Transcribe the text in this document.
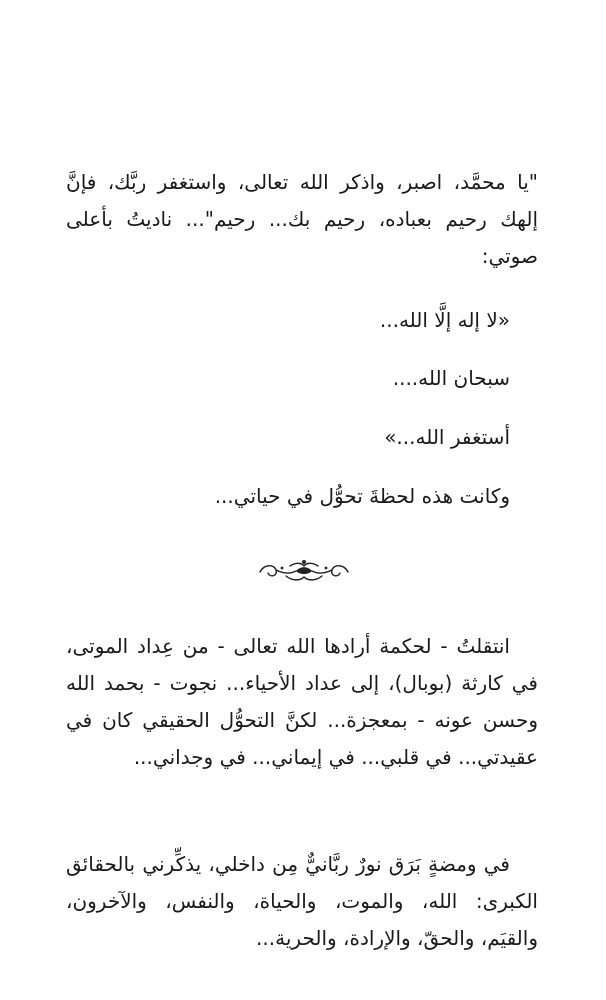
"يا محمَّد، اصبر، واذكر الله تعالى، واستغفر ربَّك، فإنَّ إلهك رحيم بعباده، رحيم بك... رحيم"... ناديتُ بأعلى صوتي:

«لا إله إلَّا الله...

سبحان الله....

أستغفر الله...»

وكانت هذه لحظةَ تحوُّل في حياتي...

انتقلتُ - لحكمة أرادها الله تعالى - من عِداد الموتى، في كارثة (بوبال)، إلى عداد الأحياء... نجوت - بحمد الله وحسن عونه - بمعجزة... لكنَّ التحوُّل الحقيقي كان في عقيدتي... في قلبي... في إيماني... في وجداني...

في ومضةٍ بَرَق نورٌ ربَّانيٌّ مِن داخلي، يذكِّرني بالحقائق الكبرى: الله، والموت، والحياة، والنفس، والآخرون، والقيَم، والحقّ، والإرادة، والحرية...
